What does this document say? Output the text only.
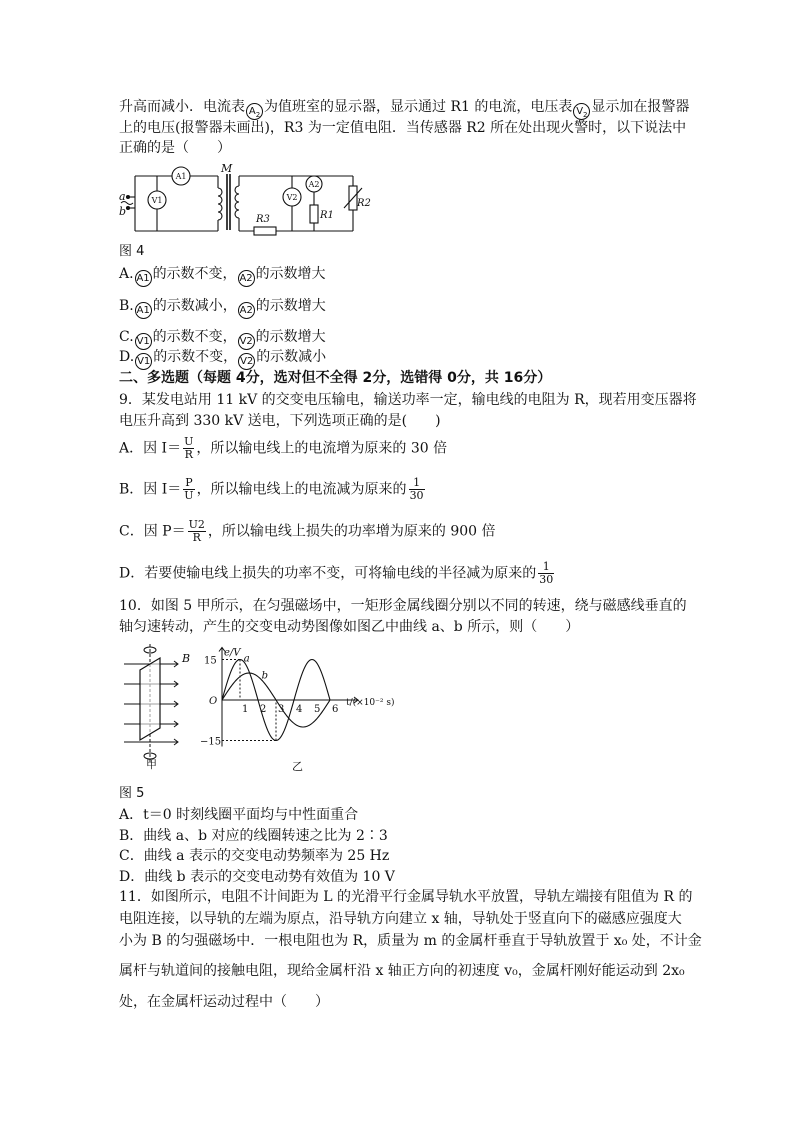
升高而减小．电流表 $A_2$ 为值班室的显示器，显示通过 R1 的电流，电压表 $V_2$ 显示加在报警器
上的电压(报警器未画出)，R3 为一定值电阻．当传感器 R2 所在处出现火警时，以下说法中
正确的是（　　）
a
b
M
R3	R1
R2
A1
V1	V2
A2
图 4
A. A1 的示数不变， A2 的示数增大
B. A1 的示数减小， A2 的示数增大
C. V1 的示数不变， V2 的示数增大
D. V1 的示数不变， V2 的示数减小
二、多选题（每题 4分，选对但不全得 2分，选错得 0分，共 16分）
9．某发电站用 11 kV 的交变电压输电，输送功率一定，输电线的电阻为 R，现若用变压器将
电压升高到 330 kV 送电，下列选项正确的是(　　)
A．因 $I= \frac{U}{R}$ ，所以输电线上的电流增为原来的 30 倍
B．因 $I= \frac{P}{U}$ ，所以输电线上的电流减为原来的 $\frac{1}{30}$
C．因 $P= \frac{U2}{R}$ ，所以输电线上损失的功率增为原来的 900 倍
D．若要使输电线上损失的功率不变，可将输电线的半径减为原来的 $\frac{1}{30}$
10．如图 5 甲所示，在匀强磁场中，一矩形金属线圈分别以不同的转速，绕与磁感线垂直的
轴匀速转动，产生的交变电动势图像如图乙中曲线 a、b 所示，则（　　）
B
甲
e/V
t/(×10⁻² s)
O
15
−15
1 2 3 4 5 6
a
b
乙
图 5
A．t＝0 时刻线圈平面均与中性面重合
B．曲线 a、b 对应的线圈转速之比为 2∶3
C．曲线 a 表示的交变电动势频率为 25 Hz
D．曲线 b 表示的交变电动势有效值为 10 V
11．如图所示，电阻不计间距为 L 的光滑平行金属导轨水平放置，导轨左端接有阻值为 R 的
电阻连接，以导轨的左端为原点，沿导轨方向建立 x 轴，导轨处于竖直向下的磁感应强度大
小为 B 的匀强磁场中．一根电阻也为 R，质量为 m 的金属杆垂直于导轨放置于 x₀ 处，不计金
属杆与轨道间的接触电阻，现给金属杆沿 x 轴正方向的初速度 v₀，金属杆刚好能运动到 2x₀
处，在金属杆运动过程中（　　）
